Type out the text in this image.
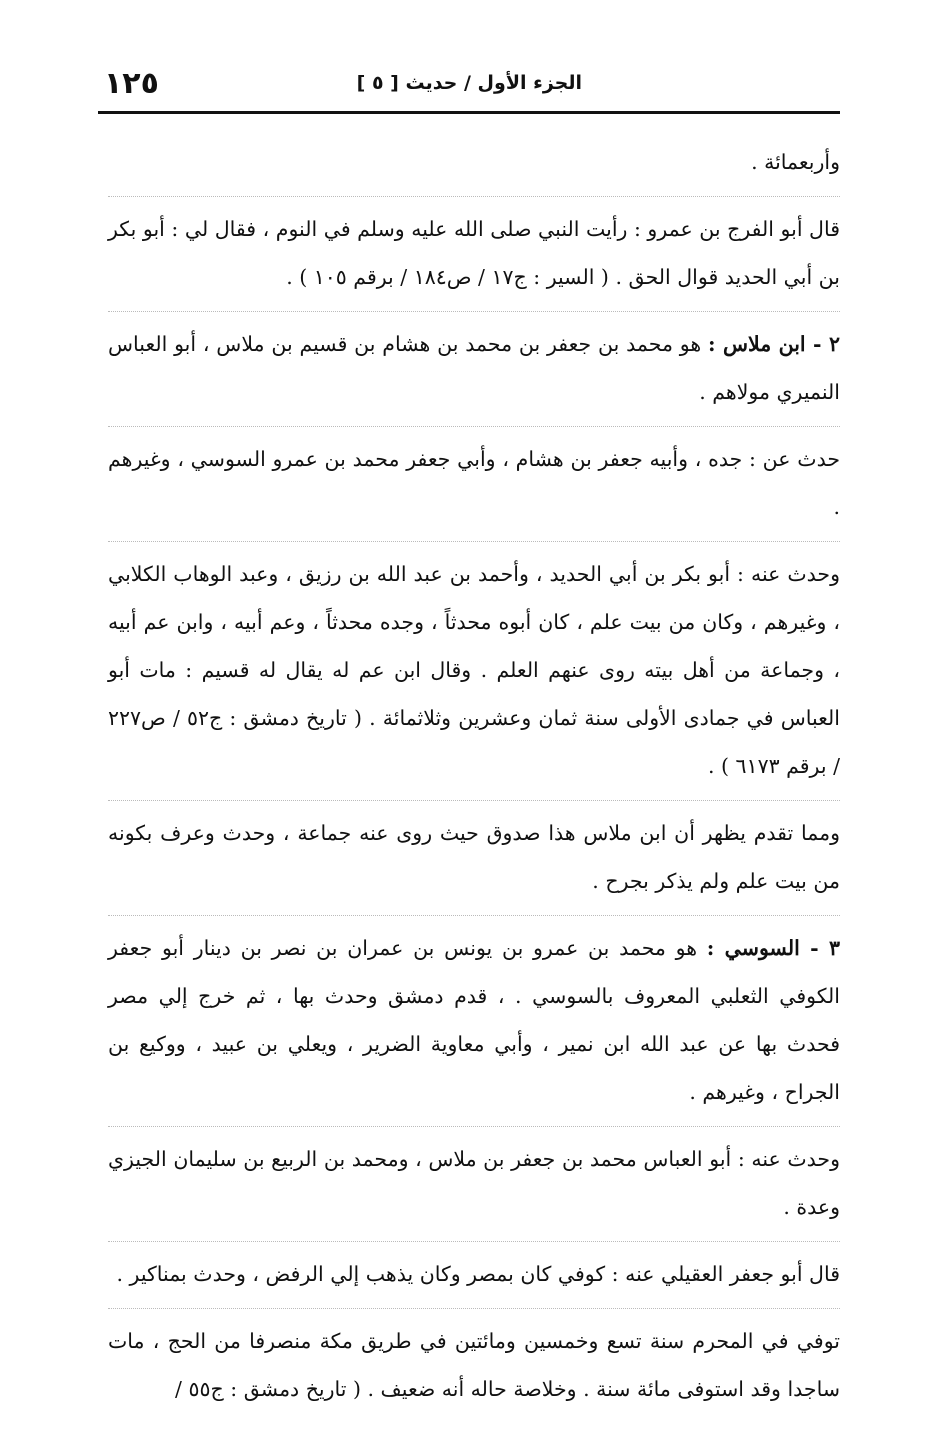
الجزء الأول / حديث [ ٥ ]
١٢٥

وأربعمائة .

قال أبو الفرج بن عمرو : رأيت النبي صلى الله عليه وسلم في النوم ، فقال لي : أبو بكر بن أبي الحديد قوال الحق . ( السير : ج١٧ / ص١٨٤ / برقم ١٠٥ ) .

٢ - ابن ملاس : هو محمد بن جعفر بن محمد بن هشام بن قسيم بن ملاس ، أبو العباس النميري مولاهم .

حدث عن : جده ، وأبيه جعفر بن هشام ، وأبي جعفر محمد بن عمرو السوسي ، وغيرهم .

وحدث عنه : أبو بكر بن أبي الحديد ، وأحمد بن عبد الله بن رزيق ، وعبد الوهاب الكلابي ، وغيرهم ، وكان من بيت علم ، كان أبوه محدثاً ، وجده محدثاً ، وعم أبيه ، وابن عم أبيه ، وجماعة من أهل بيته روى عنهم العلم . وقال ابن عم له يقال له قسيم : مات أبو العباس في جمادى الأولى سنة ثمان وعشرين وثلاثمائة . ( تاريخ دمشق : ج٥٢ / ص٢٢٧ / برقم ٦١٧٣ ) .

ومما تقدم يظهر أن ابن ملاس هذا صدوق حيث روى عنه جماعة ، وحدث وعرف بكونه من بيت علم ولم يذكر بجرح .

٣ - السوسي : هو محمد بن عمرو بن يونس بن عمران بن نصر بن دينار أبو جعفر الكوفي الثعلبي المعروف بالسوسي . ، قدم دمشق وحدث بها ، ثم خرج إلي مصر فحدث بها عن عبد الله ابن نمير ، وأبي معاوية الضرير ، ويعلي بن عبيد ، ووكيع بن الجراح ، وغيرهم .

وحدث عنه : أبو العباس محمد بن جعفر بن ملاس ، ومحمد بن الربيع بن سليمان الجيزي وعدة .

قال أبو جعفر العقيلي عنه : كوفي كان بمصر وكان يذهب إلي الرفض ، وحدث بمناكير .

توفي في المحرم سنة تسع وخمسين ومائتين في طريق مكة منصرفا من الحج ، مات ساجدا وقد استوفى مائة سنة . وخلاصة حاله أنه ضعيف . ( تاريخ دمشق : ج٥٥ /
